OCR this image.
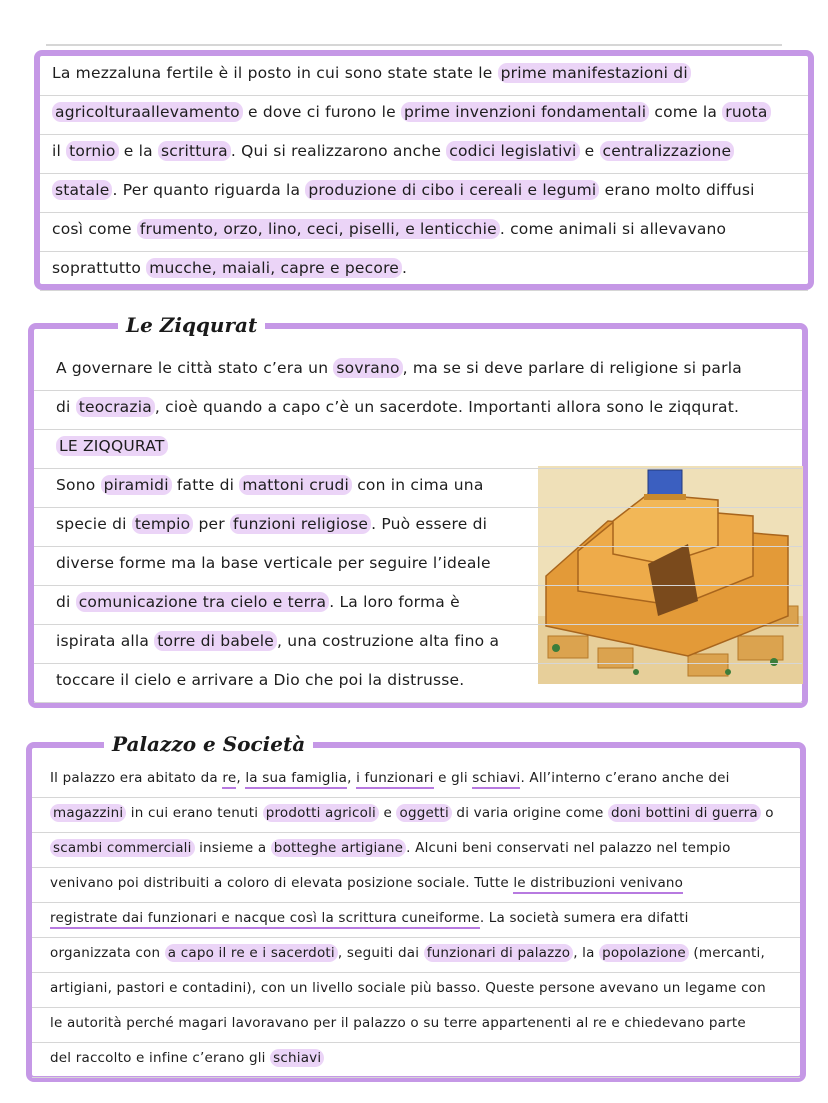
La mezzaluna fertile è il posto in cui sono state state le prime manifestazioni di
agricolturaallevamento e dove ci furono le prime invenzioni fondamentali come la ruota
il tornio e la scrittura . Qui si realizzarono anche codici legislativi e centralizzazione
statale . Per quanto riguarda la produzione di cibo i cereali e legumi erano molto diffusi
così come frumento, orzo, lino, ceci, piselli, e lenticchie . come animali si allevavano
soprattutto mucche, maiali, capre e pecore .
A governare le città stato c’era un sovrano , ma se si deve parlare di religione si parla
di teocrazia , cioè quando a capo c’è un sacerdote. Importanti allora sono le ziqqurat.
LE ZIQQURAT
Sono piramidi fatte di mattoni crudi con in cima una
specie di tempio per funzioni religiose . Può essere di
diverse forme ma la base verticale per seguire l’ideale
di comunicazione tra cielo e terra . La loro forma è
ispirata alla torre di babele , una costruzione alta fino a
toccare il cielo e arrivare a Dio che poi la distrusse.
Le Ziqqurat
Il palazzo era abitato da re, la sua famiglia, i funzionari e gli schiavi. All’interno c’erano anche dei
magazzini in cui erano tenuti prodotti agricoli e oggetti di varia origine come doni bottini di guerra o
scambi commerciali insieme a botteghe artigiane . Alcuni beni conservati nel palazzo nel tempio
venivano poi distribuiti a coloro di elevata posizione sociale. Tutte le distribuzioni venivano
registrate dai funzionari e nacque così la scrittura cuneiforme. La società sumera era difatti
organizzata con a capo il re e i sacerdoti , seguiti dai funzionari di palazzo , la popolazione (mercanti,
artigiani, pastori e contadini), con un livello sociale più basso. Queste persone avevano un legame con
le autorità perché magari lavoravano per il palazzo o su terre appartenenti al re e chiedevano parte
del raccolto e infine c’erano gli schiavi
Palazzo e Società
